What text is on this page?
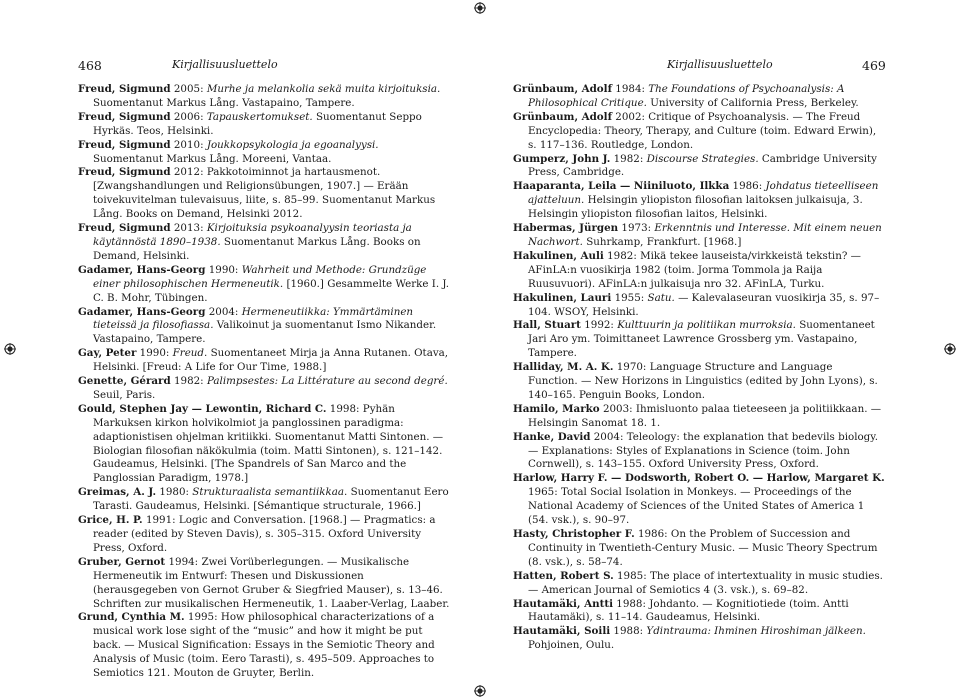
468	Kirjallisuusluettelo	Kirjallisuusluettelo	469

Freud, Sigmund 2005: Murhe ja melankolia sekä muita kirjoituksia. Suomentanut Markus Lång. Vastapaino, Tampere.

Freud, Sigmund 2006: Tapauskertomukset. Suomentanut Seppo Hyrkäs. Teos, Helsinki.

Freud, Sigmund 2010: Joukkopsykologia ja egoanalyysi. Suomentanut Markus Lång. Moreeni, Vantaa.

Freud, Sigmund 2012: Pakkotoiminnot ja hartausmenot. [Zwangshandlungen und Religionsübungen, 1907.] — Erään toivekuvitelman tulevaisuus, liite, s. 85–99. Suomentanut Markus Lång. Books on Demand, Helsinki 2012.

Freud, Sigmund 2013: Kirjoituksia psykoanalyysin teoriasta ja käytännöstä 1890–1938. Suomentanut Markus Lång. Books on Demand, Helsinki.

Gadamer, Hans-Georg 1990: Wahrheit und Methode: Grundzüge einer philosophischen Hermeneutik. [1960.] Gesammelte Werke I. J. C. B. Mohr, Tübingen.

Gadamer, Hans-Georg 2004: Hermeneutiikka: Ymmärtäminen tieteissä ja filosofiassa. Valikoinut ja suomentanut Ismo Nikander. Vastapaino, Tampere.

Gay, Peter 1990: Freud. Suomentaneet Mirja ja Anna Rutanen. Otava, Helsinki. [Freud: A Life for Our Time, 1988.]

Genette, Gérard 1982: Palimpsestes: La Littérature au second degré. Seuil, Paris.

Gould, Stephen Jay — Lewontin, Richard C. 1998: Pyhän Markuksen kirkon holvikolmiot ja panglossinen paradigma: adaptionistisen ohjelman kritiikki. Suomentanut Matti Sintonen. — Biologian filosofian näkökulmia (toim. Matti Sintonen), s. 121–142. Gaudeamus, Helsinki. [The Spandrels of San Marco and the Panglossian Paradigm, 1978.]

Greimas, A. J. 1980: Strukturaalista semantiikkaa. Suomentanut Eero Tarasti. Gaudeamus, Helsinki. [Sémantique structurale, 1966.]

Grice, H. P. 1991: Logic and Conversation. [1968.] — Pragmatics: a reader (edited by Steven Davis), s. 305–315. Oxford University Press, Oxford.

Gruber, Gernot 1994: Zwei Vorüberlegungen. — Musikalische Hermeneutik im Entwurf: Thesen und Diskussionen (herausgegeben von Gernot Gruber & Siegfried Mauser), s. 13–46. Schriften zur musikalischen Hermeneutik, 1. Laaber-Verlag, Laaber.

Grund, Cynthia M. 1995: How philosophical characterizations of a musical work lose sight of the “music” and how it might be put back. — Musical Signification: Essays in the Semiotic Theory and Analysis of Music (toim. Eero Tarasti), s. 495–509. Approaches to Semiotics 121. Mouton de Gruyter, Berlin.

Grünbaum, Adolf 1984: The Foundations of Psychoanalysis: A Philosophical Critique. University of California Press, Berkeley.

Grünbaum, Adolf 2002: Critique of Psychoanalysis. — The Freud Encyclopedia: Theory, Therapy, and Culture (toim. Edward Erwin), s. 117–136. Routledge, London.

Gumperz, John J. 1982: Discourse Strategies. Cambridge University Press, Cambridge.

Haaparanta, Leila — Niiniluoto, Ilkka 1986: Johdatus tieteelliseen ajatteluun. Helsingin yliopiston filosofian laitoksen julkaisuja, 3. Helsingin yliopiston filosofian laitos, Helsinki.

Habermas, Jürgen 1973: Erkenntnis und Interesse. Mit einem neuen Nachwort. Suhrkamp, Frankfurt. [1968.]

Hakulinen, Auli 1982: Mikä tekee lauseista/virkkeistä tekstin? — AFinLA:n vuosikirja 1982 (toim. Jorma Tommola ja Raija Ruusuvuori). AFinLA:n julkaisuja nro 32. AFinLA, Turku.

Hakulinen, Lauri 1955: Satu. — Kalevalaseuran vuosikirja 35, s. 97–104. WSOY, Helsinki.

Hall, Stuart 1992: Kulttuurin ja politiikan murroksia. Suomentaneet Jari Aro ym. Toimittaneet Lawrence Grossberg ym. Vastapaino, Tampere.

Halliday, M. A. K. 1970: Language Structure and Language Function. — New Horizons in Linguistics (edited by John Lyons), s. 140–165. Penguin Books, London.

Hamilo, Marko 2003: Ihmisluonto palaa tieteeseen ja politiikkaan. — Helsingin Sanomat 18. 1.

Hanke, David 2004: Teleology: the explanation that bedevils biology. — Explanations: Styles of Explanations in Science (toim. John Cornwell), s. 143–155. Oxford University Press, Oxford.

Harlow, Harry F. — Dodsworth, Robert O. — Harlow, Margaret K. 1965: Total Social Isolation in Monkeys. — Proceedings of the National Academy of Sciences of the United States of America 1 (54. vsk.), s. 90–97.

Hasty, Christopher F. 1986: On the Problem of Succession and Continuity in Twentieth-Century Music. — Music Theory Spectrum (8. vsk.), s. 58–74.

Hatten, Robert S. 1985: The place of intertextuality in music studies. — American Journal of Semiotics 4 (3. vsk.), s. 69–82.

Hautamäki, Antti 1988: Johdanto. — Kognitiotiede (toim. Antti Hautamäki), s. 11–14. Gaudeamus, Helsinki.

Hautamäki, Soili 1988: Ydintrauma: Ihminen Hiroshiman jälkeen. Pohjoinen, Oulu.
